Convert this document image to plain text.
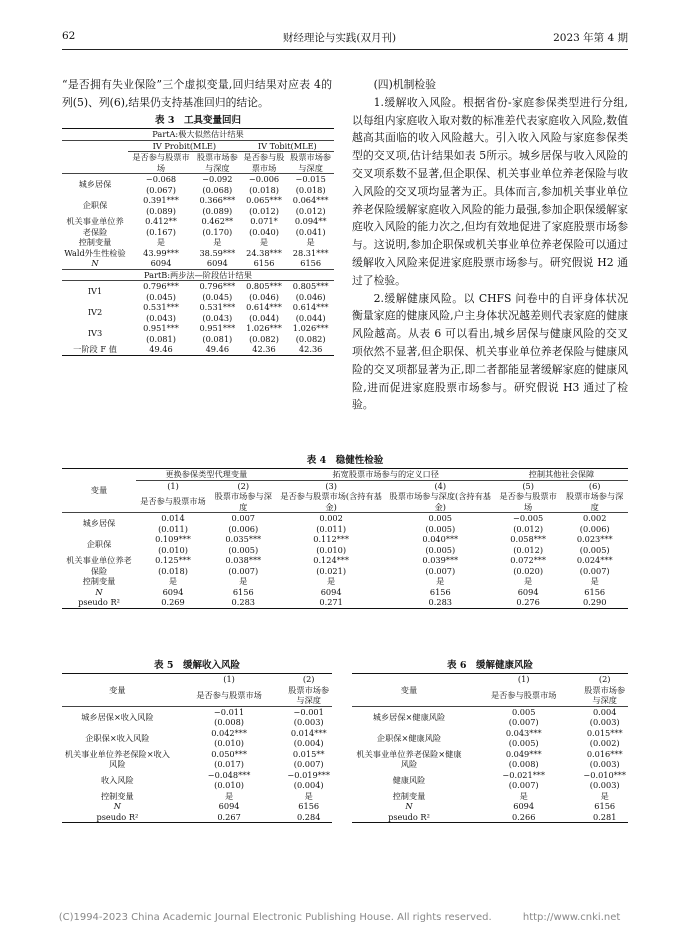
62	财经理论与实践(双月刊)	2023 年第 4 期

“是否拥有失业保险”三个虚拟变量,回归结果对应表 4的列(5)、列(6),结果仍支持基准回归的结论。

(四)机制检验

1.缓解收入风险。根据省份-家庭参保类型进行分组,以每组内家庭收入取对数的标准差代表家庭收入风险,数值越高其面临的收入风险越大。引入收入风险与家庭参保类型的交叉项,估计结果如表 5所示。城乡居保与收入风险的交叉项系数不显著,但企职保、机关事业单位养老保险与收入风险的交叉项均显著为正。具体而言,参加机关事业单位养老保险缓解家庭收入风险的能力最强,参加企职保缓解家庭收入风险的能力次之,但均有效地促进了家庭股票市场参与。这说明,参加企职保或机关事业单位养老保险可以通过缓解收入风险来促进家庭股票市场参与。研究假说 H2 通过了检验。

2.缓解健康风险。以 CHFS 问卷中的自评身体状况衡量家庭的健康风险,户主身体状况越差则代表家庭的健康风险越高。从表 6 可以看出,城乡居保与健康风险的交叉项依然不显著,但企职保、机关事业单位养老保险与健康风险的交叉项都显著为正,即二者都能显著缓解家庭的健康风险,进而促进家庭股票市场参与。研究假说 H3 通过了检验。

表 3　工具变量回归
PartA:极大似然估计结果				
	IV Probit(MLE)		IV Tobit(MLE)	
	是否参与股票市场	股票市场参与深度	是否参与股票市场	股票市场参与深度
城乡居保	−0.068	−0.092	−0.006	−0.015
	(0.067)	(0.068)	(0.018)	(0.018)
企职保	0.391***	0.366***	0.065***	0.064***
	(0.089)	(0.089)	(0.012)	(0.012)
机关事业单位养老保险	0.412**	0.462**	0.071*	0.094**
	(0.167)	(0.170)	(0.040)	(0.041)
控制变量	是	是	是	是
Wald外生性检验	43.99***	38.59***	24.38***	28.31***
N	6094	6094	6156	6156
PartB:两步法—阶段估计结果				
IV1	0.796***	0.796***	0.805***	0.805***
	(0.045)	(0.045)	(0.046)	(0.046)
IV2	0.531***	0.531***	0.614***	0.614***
	(0.043)	(0.043)	(0.044)	(0.044)
IV3	0.951***	0.951***	1.026***	1.026***
	(0.081)	(0.081)	(0.082)	(0.082)
一阶段 F 值	49.46	49.46	42.36	42.36
表 4　稳健性检验
变量	更换参保类型代理变量		拓宽股票市场参与的定义口径		控制其他社会保障	
	(1)	(2)	(3)	(4)	(5)	(6)
	是否参与股票市场	股票市场参与深度	是否参与股票市场(含持有基金)	股票市场参与深度(含持有基金)	是否参与股票市场	股票市场参与深度
城乡居保	0.014	0.007	0.002	0.005	−0.005	0.002
	(0.011)	(0.006)	(0.011)	(0.005)	(0.012)	(0.006)
企职保	0.109***	0.035***	0.112***	0.040***	0.058***	0.023***
	(0.010)	(0.005)	(0.010)	(0.005)	(0.012)	(0.005)
机关事业单位养老保险	0.125***	0.038***	0.124***	0.039***	0.072***	0.024***
	(0.018)	(0.007)	(0.021)	(0.007)	(0.020)	(0.007)
控制变量	是	是	是	是	是	是
N	6094	6156	6094	6156	6094	6156
pseudo R²	0.269	0.283	0.271	0.283	0.276	0.290
表 5　缓解收入风险
变量	(1)	(2)
	是否参与股票市场	股票市场参与深度
城乡居保×收入风险	−0.011	−0.001
	(0.008)	(0.003)
企职保×收入风险	0.042***	0.014***
	(0.010)	(0.004)
机关事业单位养老保险×收入风险	0.050***	0.015**
	(0.017)	(0.007)
收入风险	−0.048***	−0.019***
	(0.010)	(0.004)
控制变量	是	是
N	6094	6156
pseudo R²	0.267	0.284
表 6　缓解健康风险
变量	(1)	(2)
	是否参与股票市场	股票市场参与深度
城乡居保×健康风险	0.005	0.004
	(0.007)	(0.003)
企职保×健康风险	0.043***	0.015***
	(0.005)	(0.002)
机关事业单位养老保险×健康风险	0.049***	0.016***
	(0.008)	(0.003)
健康风险	−0.021***	−0.010***
	(0.007)	(0.003)
控制变量	是	是
N	6094	6156
pseudo R²	0.266	0.281
(C)1994-2023 China Academic Journal Electronic Publishing House. All rights reserved.	http://www.cnki.net
